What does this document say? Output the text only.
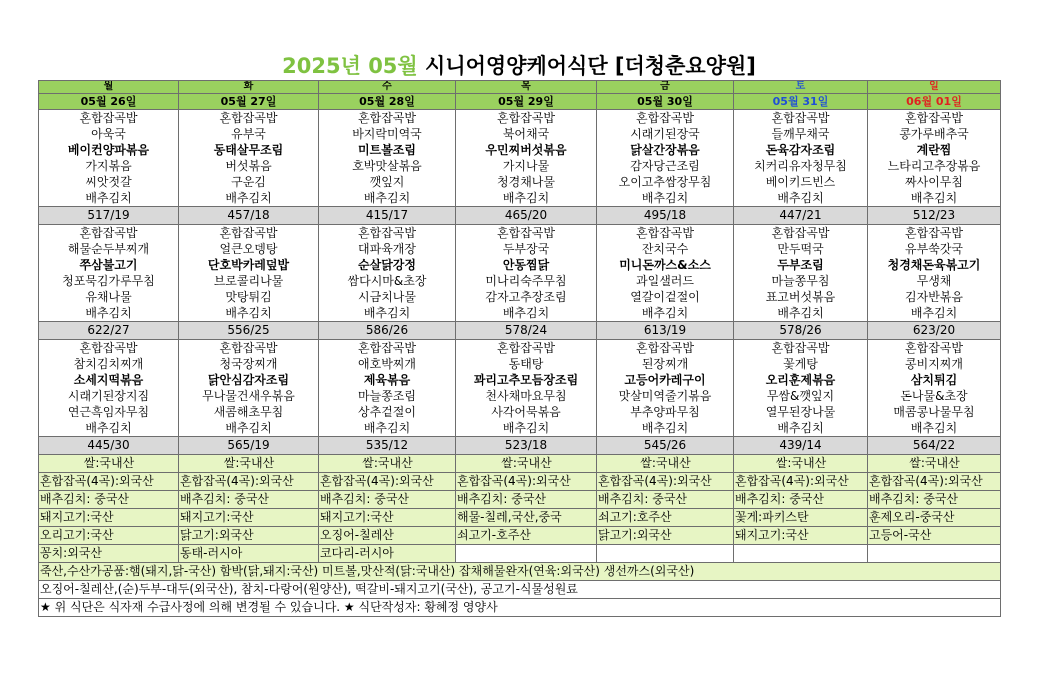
2025년 05월 시니어영양케어식단 [더청춘요양원]
월	화	수	목	금	토	일
05월 26일	05월 27일	05월 28일	05월 29일	05월 30일	05월 31일	06월 01일
혼합잡곡밥	혼합잡곡밥	혼합잡곡밥	혼합잡곡밥	혼합잡곡밥	혼합잡곡밥	혼합잡곡밥
아욱국	유부국	바지락미역국	북어채국	시래기된장국	들깨무채국	콩가루배추국
베이컨양파볶음	동태살무조림	미트볼조림	우민찌버섯볶음	닭살간장볶음	돈육감자조림	계란찜
가지볶음	버섯볶음	호박맛살볶음	가지나물	감자당근조림	치커리유자청무침	느타리고추장볶음
씨앗젓갈	구운김	깻잎지	청경채나물	오이고추쌈장무침	베이키드빈스	짜사이무침
배추김치	배추김치	배추김치	배추김치	배추김치	배추김치	배추김치
517/19	457/18	415/17	465/20	495/18	447/21	512/23
혼합잡곡밥	혼합잡곡밥	혼합잡곡밥	혼합잡곡밥	혼합잡곡밥	혼합잡곡밥	혼합잡곡밥
해물순두부찌개	얼큰오뎅탕	대파육개장	두부장국	잔치국수	만두떡국	유부쑥갓국
쭈삼불고기	단호박카레덮밥	순살닭강정	안동찜닭	미니돈까스&소스	두부조림	청경채돈육볶고기
청포묵김가루무침	브로콜리나물	쌈다시마&초장	미나리숙주무침	과일샐러드	마늘쫑무침	무생채
유채나물	맛탕튀김	시금치나물	감자고추장조림	열갈이겉절이	표고버섯볶음	김자반볶음
배추김치	배추김치	배추김치	배추김치	배추김치	배추김치	배추김치
622/27	556/25	586/26	578/24	613/19	578/26	623/20
혼합잡곡밥	혼합잡곡밥	혼합잡곡밥	혼합잡곡밥	혼합잡곡밥	혼합잡곡밥	혼합잡곡밥
참치김치찌개	청국장찌개	애호박찌개	동태탕	된장찌개	꽃게탕	콩비지찌개
소세지떡볶음	닭안심감자조림	제육볶음	꽈리고추모듬장조림	고등어카레구이	오리훈제볶음	삼치튀김
시래기된장지짐	무나물건새우볶음	마늘쫑조림	천사채마요무침	맛살미역줄기볶음	무쌈&깻잎지	돈나물&초장
연근흑임자무침	새콤해초무침	상추겉절이	사각어묵볶음	부추양파무침	열무된장나물	매콤콩나물무침
배추김치	배추김치	배추김치	배추김치	배추김치	배추김치	배추김치
445/30	565/19	535/12	523/18	545/26	439/14	564/22
쌀:국내산	쌀:국내산	쌀:국내산	쌀:국내산	쌀:국내산	쌀:국내산	쌀:국내산
혼합잡곡(4곡):외국산	혼합잡곡(4곡):외국산	혼합잡곡(4곡):외국산	혼합잡곡(4곡):외국산	혼합잡곡(4곡):외국산	혼합잡곡(4곡):외국산	혼합잡곡(4곡):외국산
배추김치: 중국산	배추김치: 중국산	배추김치: 중국산	배추김치: 중국산	배추김치: 중국산	배추김치: 중국산	배추김치: 중국산
돼지고기:국산	돼지고기:국산	돼지고기:국산	해물-칠레,국산,중국	쇠고기:호주산	꽃게:파키스탄	훈제오리-중국산
오리고기:국산	닭고기:외국산	오징어-칠레산	쇠고기-호주산	닭고기:외국산	돼지고기:국산	고등어-국산
꽁치:외국산	동태-러시아	코다리-러시아				
죽산,수산가공품:햄(돼지,닭-국산) 함박(닭,돼지:국산) 미트볼,맛산적(닭:국내산) 잡채해물완자(연육:외국산) 생선까스(외국산)						
오징어-칠레산,(순)두부-대두(외국산), 참치-다랑어(원양산), 떡갈비-돼지고기(국산), 공고기-식물성원료						
★ 위 식단은 식자재 수급사정에 의해 변경될 수 있습니다. ★ 식단작성자: 황혜정 영양사						
